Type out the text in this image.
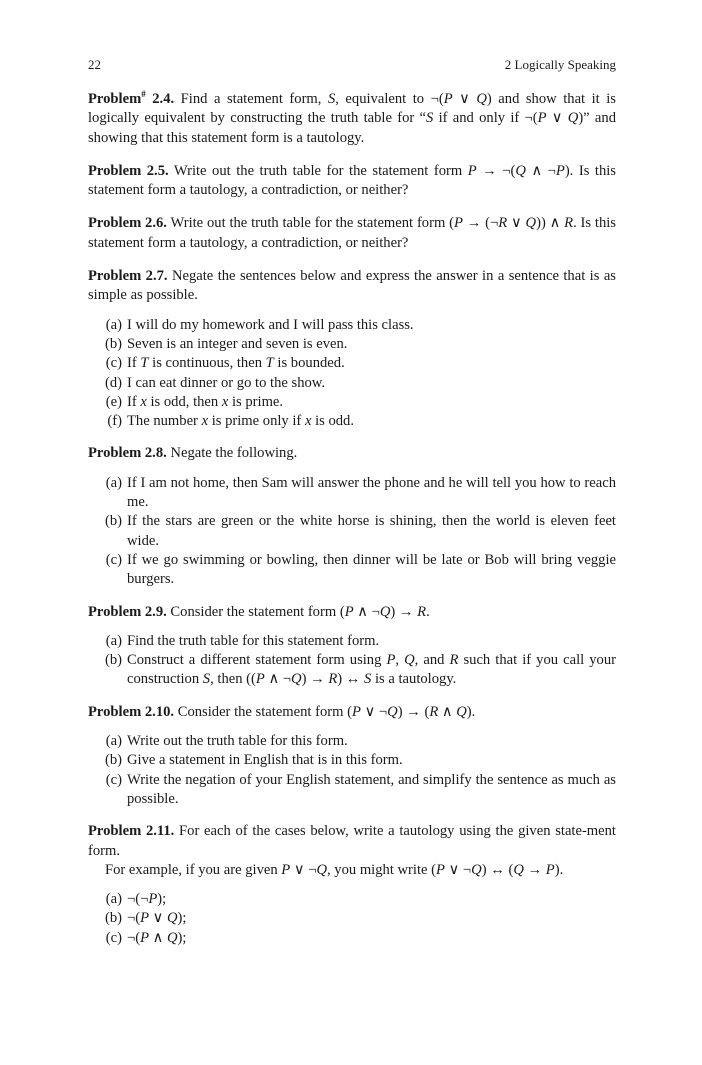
22	2 Logically Speaking
Problem# 2.4. Find a statement form, S, equivalent to ¬(P ∨ Q) and show that it is logically equivalent by constructing the truth table for “S if and only if ¬(P ∨ Q)” and showing that this statement form is a tautology.
Problem 2.5. Write out the truth table for the statement form P → ¬(Q ∧ ¬P). Is this statement form a tautology, a contradiction, or neither?
Problem 2.6. Write out the truth table for the statement form (P → (¬R ∨ Q)) ∧ R. Is this statement form a tautology, a contradiction, or neither?
Problem 2.7. Negate the sentences below and express the answer in a sentence that is as simple as possible.
(a) I will do my homework and I will pass this class.
(b) Seven is an integer and seven is even.
(c) If T is continuous, then T is bounded.
(d) I can eat dinner or go to the show.
(e) If x is odd, then x is prime.
(f) The number x is prime only if x is odd.
Problem 2.8. Negate the following.
(a) If I am not home, then Sam will answer the phone and he will tell you how to reach me.
(b) If the stars are green or the white horse is shining, then the world is eleven feet wide.
(c) If we go swimming or bowling, then dinner will be late or Bob will bring veggie burgers.
Problem 2.9. Consider the statement form (P ∧ ¬Q) → R.
(a) Find the truth table for this statement form.
(b) Construct a different statement form using P, Q, and R such that if you call your construction S, then ((P ∧ ¬Q) → R) ↔ S is a tautology.
Problem 2.10. Consider the statement form (P ∨ ¬Q) → (R ∧ Q).
(a) Write out the truth table for this form.
(b) Give a statement in English that is in this form.
(c) Write the negation of your English statement, and simplify the sentence as much as possible.
Problem 2.11. For each of the cases below, write a tautology using the given state-ment form.
For example, if you are given P ∨ ¬Q, you might write (P ∨ ¬Q) ↔ (Q → P).
(a) ¬(¬P);
(b) ¬(P ∨ Q);
(c) ¬(P ∧ Q);
